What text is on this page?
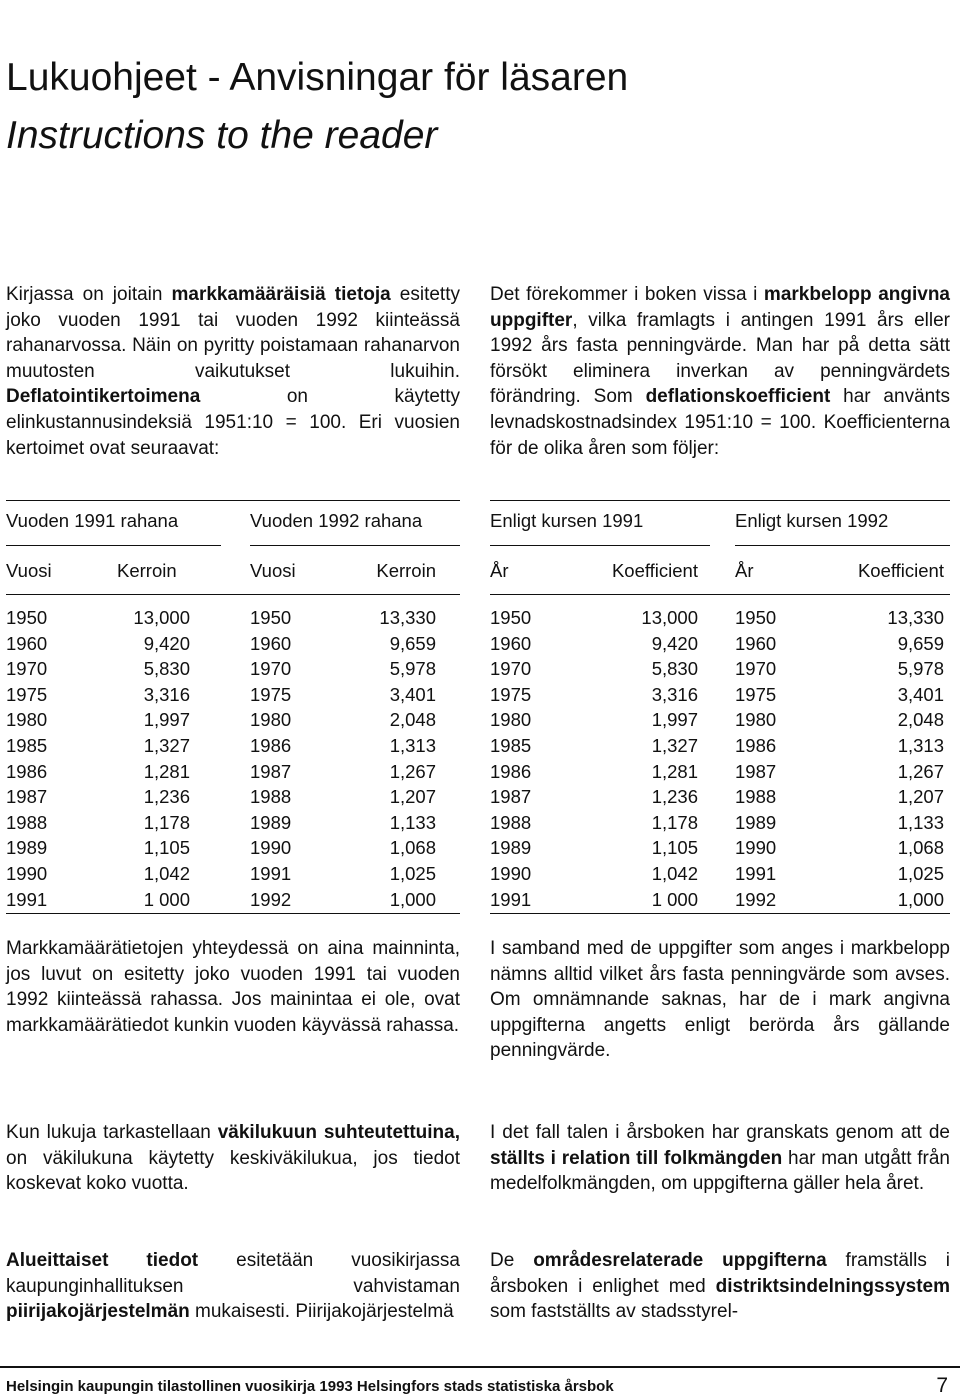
Lukuohjeet - Anvisningar för läsaren
Instructions to the reader
Kirjassa on joitain markkamääräisiä tietoja esitetty joko vuoden 1991 tai vuoden 1992 kiinteässä rahanarvossa. Näin on pyritty poistamaan rahanarvon muutosten vaikutukset lukuihin. Deflatointikertoimena on käytetty elinkustannusindeksiä 1951:10 = 100. Eri vuosien kertoimet ovat seuraavat:
Det förekommer i boken vissa i markbelopp angivna uppgifter, vilka framlagts i antingen 1991 års eller 1992 års fasta penningvärde. Man har på detta sätt försökt eliminera inverkan av penningvärdets förändring. Som deflationskoefficient har använts levnadskostnadsindex 1951:10 = 100. Koefficienterna för de olika åren som följer:
Vuoden 1991 rahana	Vuoden 1992 rahana
Vuosi	Kerroin	Vuosi	Kerroin
1950	13,000	1950	13,330
1960	9,420	1960	9,659
1970	5,830	1970	5,978
1975	3,316	1975	3,401
1980	1,997	1980	2,048
1985	1,327	1986	1,313
1986	1,281	1987	1,267
1987	1,236	1988	1,207
1988	1,178	1989	1,133
1989	1,105	1990	1,068
1990	1,042	1991	1,025
1991	1 000	1992	1,000
Enligt kursen 1991	Enligt kursen 1992
År	Koefficient År	Koefficient
1950	13,000 1950	13,330
1960	9,420 1960	9,659
1970	5,830 1970	5,978
1975	3,316 1975	3,401
1980	1,997 1980	2,048
1985	1,327 1986	1,313
1986	1,281 1987	1,267
1987	1,236 1988	1,207
1988	1,178 1989	1,133
1989	1,105 1990	1,068
1990	1,042 1991	1,025
1991	1 000 1992	1,000
Markkamäärätietojen yhteydessä on aina mainninta, jos luvut on esitetty joko vuoden 1991 tai vuoden 1992 kiinteässä rahassa. Jos mainintaa ei ole, ovat markkamäärätiedot kunkin vuoden käyvässä rahassa.
I samband med de uppgifter som anges i markbelopp nämns alltid vilket års fasta penningvärde som avses. Om omnämnande saknas, har de i mark angivna uppgifterna angetts enligt berörda års gällande penningvärde.
Kun lukuja tarkastellaan väkilukuun suhteutettuina, on väkilukuna käytetty keskiväkilukua, jos tiedot koskevat koko vuotta.
I det fall talen i årsboken har granskats genom att de ställts i relation till folkmängden har man utgått från medelfolkmängden, om uppgifterna gäller hela året.
Alueittaiset tiedot esitetään vuosikirjassa kaupunginhallituksen vahvistaman piirijakojärjestelmän mukaisesti. Piirijakojärjestelmä
De områdesrelaterade uppgifterna framställs i årsboken i enlighet med distriktsindelningssystem som fastställts av stadsstyrel-
Helsingin kaupungin tilastollinen vuosikirja 1993 Helsingfors stads statistiska årsbok	7
